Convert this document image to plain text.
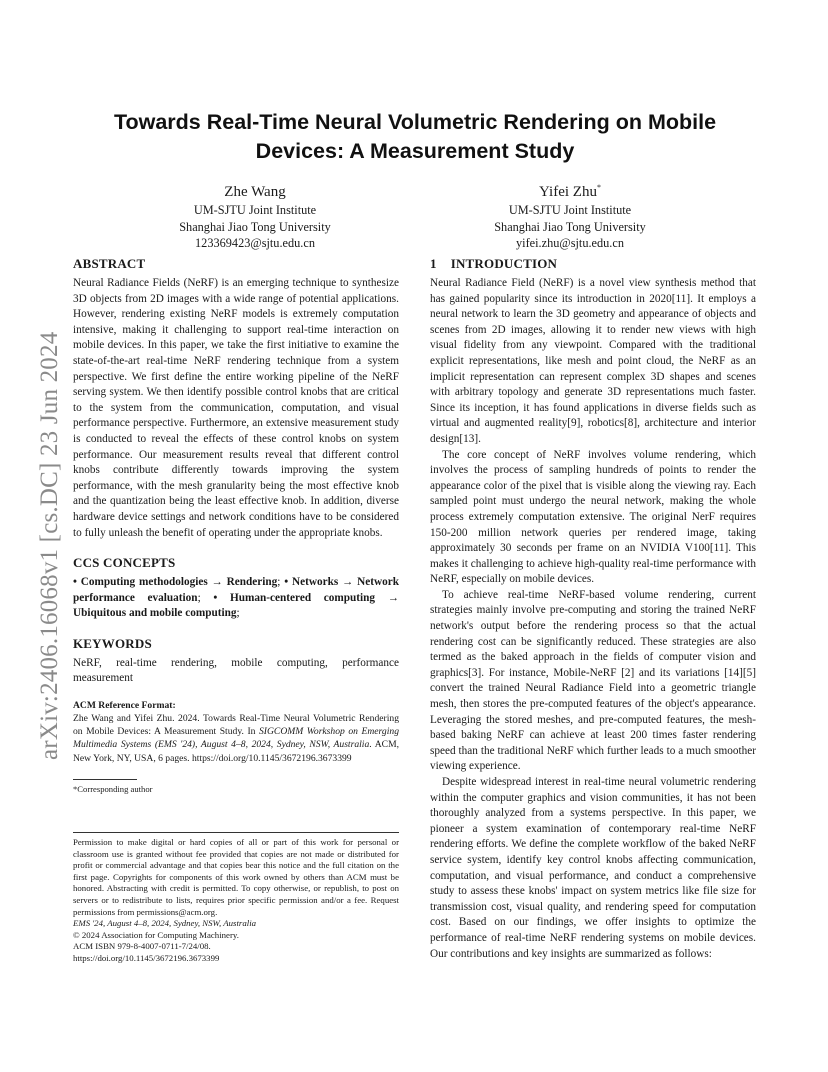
arXiv:2406.16068v1 [cs.DC] 23 Jun 2024
Towards Real-Time Neural Volumetric Rendering on Mobile Devices: A Measurement Study
Zhe Wang
UM-SJTU Joint Institute
Shanghai Jiao Tong University
123369423@sjtu.edu.cn
Yifei Zhu*
UM-SJTU Joint Institute
Shanghai Jiao Tong University
yifei.zhu@sjtu.edu.cn
ABSTRACT

Neural Radiance Fields (NeRF) is an emerging technique to synthesize 3D objects from 2D images with a wide range of potential applications. However, rendering existing NeRF models is extremely computation intensive, making it challenging to support real-time interaction on mobile devices. In this paper, we take the first initiative to examine the state-of-the-art real-time NeRF rendering technique from a system perspective. We first define the entire working pipeline of the NeRF serving system. We then identify possible control knobs that are critical to the system from the communication, computation, and visual performance perspective. Furthermore, an extensive measurement study is conducted to reveal the effects of these control knobs on system performance. Our measurement results reveal that different control knobs contribute differently towards improving the system performance, with the mesh granularity being the most effective knob and the quantization being the least effective knob. In addition, diverse hardware device settings and network conditions have to be considered to fully unleash the benefit of operating under the appropriate knobs.

CCS CONCEPTS

• Computing methodologies → Rendering; • Networks → Network performance evaluation; • Human-centered computing → Ubiquitous and mobile computing;

KEYWORDS

NeRF, real-time rendering, mobile computing, performance measurement

ACM Reference Format:
Zhe Wang and Yifei Zhu. 2024. Towards Real-Time Neural Volumetric Rendering on Mobile Devices: A Measurement Study. In SIGCOMM Workshop on Emerging Multimedia Systems (EMS '24), August 4–8, 2024, Sydney, NSW, Australia. ACM, New York, NY, USA, 6 pages. https://doi.org/10.1145/3672196.3673399
*Corresponding author
Permission to make digital or hard copies of all or part of this work for personal or classroom use is granted without fee provided that copies are not made or distributed for profit or commercial advantage and that copies bear this notice and the full citation on the first page. Copyrights for components of this work owned by others than ACM must be honored. Abstracting with credit is permitted. To copy otherwise, or republish, to post on servers or to redistribute to lists, requires prior specific permission and/or a fee. Request permissions from permissions@acm.org.
EMS '24, August 4–8, 2024, Sydney, NSW, Australia
© 2024 Association for Computing Machinery.
ACM ISBN 979-8-4007-0711-7/24/08.
https://doi.org/10.1145/3672196.3673399
1 INTRODUCTION

Neural Radiance Field (NeRF) is a novel view synthesis method that has gained popularity since its introduction in 2020[11]. It employs a neural network to learn the 3D geometry and appearance of objects and scenes from 2D images, allowing it to render new views with high visual fidelity from any viewpoint. Compared with the traditional explicit representations, like mesh and point cloud, the NeRF as an implicit representation can represent complex 3D shapes and scenes with arbitrary topology and generate 3D representations much faster. Since its inception, it has found applications in diverse fields such as virtual and augmented reality[9], robotics[8], architecture and interior design[13].

The core concept of NeRF involves volume rendering, which involves the process of sampling hundreds of points to render the appearance color of the pixel that is visible along the viewing ray. Each sampled point must undergo the neural network, making the whole process extremely computation extensive. The original NerF requires 150-200 million network queries per rendered image, taking approximately 30 seconds per frame on an NVIDIA V100[11]. This makes it challenging to achieve high-quality real-time performance with NeRF, especially on mobile devices.

To achieve real-time NeRF-based volume rendering, current strategies mainly involve pre-computing and storing the trained NeRF network's output before the rendering process so that the actual rendering cost can be significantly reduced. These strategies are also termed as the baked approach in the fields of computer vision and graphics[3]. For instance, Mobile-NeRF [2] and its variations [14][5] convert the trained Neural Radiance Field into a geometric triangle mesh, then stores the pre-computed features of the object's appearance. Leveraging the stored meshes, and pre-computed features, the mesh-based baking NeRF can achieve at least 200 times faster rendering speed than the traditional NeRF which further leads to a much smoother viewing experience.

Despite widespread interest in real-time neural volumetric rendering within the computer graphics and vision communities, it has not been thoroughly analyzed from a systems perspective. In this paper, we pioneer a system examination of contemporary real-time NeRF rendering efforts. We define the complete workflow of the baked NeRF service system, identify key control knobs affecting communication, computation, and visual performance, and conduct a comprehensive study to assess these knobs' impact on system metrics like file size for transmission cost, visual quality, and rendering speed for computation cost. Based on our findings, we offer insights to optimize the performance of real-time NeRF rendering systems on mobile devices. Our contributions and key insights are summarized as follows:
